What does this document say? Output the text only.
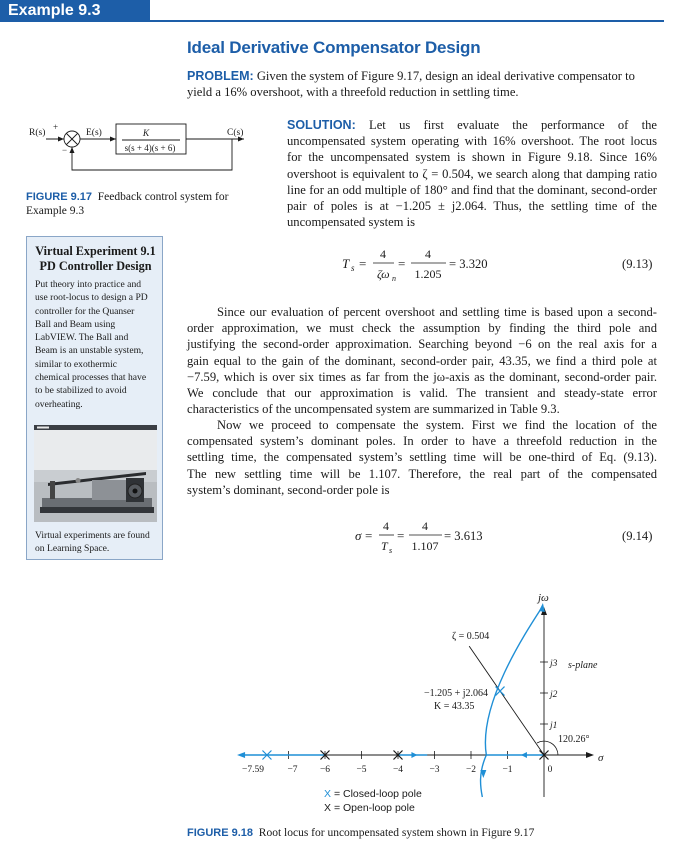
Example 9.3
Ideal Derivative Compensator Design
PROBLEM: Given the system of Figure 9.17, design an ideal derivative compensator to
yield a 16% overshoot, with a threefold reduction in settling time.
R(s)
+
−
E(s)	K
s(s + 4)(s + 6)
C(s)
FIGURE 9.17 Feedback control system for
Example 9.3
SOLUTION: Let us first evaluate the performance of the
uncompensated system operating with 16% overshoot. The root locus
for the uncompensated system is shown in Figure 9.18. Since 16%
overshoot is equivalent to ζ = 0.504, we search along that damping ratio
line for an odd multiple of 180° and find that the dominant, second-order
pair of poles is at −1.205 ± j2.064. Thus, the settling time of the
uncompensated system is
Virtual Experiment 9.1
PD Controller Design
Put theory into practice and
use root-locus to design a PD
controller for the Quanser
Ball and Beam using
LabVIEW. The Ball and
Beam is an unstable system,
similar to exothermic
chemical processes that have
to be stabilized to avoid
overheating.
Virtual experiments are found
on Learning Space.
T s =
4
ζω n
=
4
1.205
= 3.320	(9.13)
Since our evaluation of percent overshoot and settling time is based upon a second-
order approximation, we must check the assumption by finding the third pole and
justifying the second-order approximation. Searching beyond −6 on the real axis for a
gain equal to the gain of the dominant, second-order pair, 43.35, we find a third pole at
−7.59, which is over six times as far from the jω-axis as the dominant, second-order pair.
We conclude that our approximation is valid. The transient and steady-state error
characteristics of the uncompensated system are summarized in Table 9.3.
Now we proceed to compensate the system. First we find the location of the
compensated system’s dominant poles. In order to have a threefold reduction in the
settling time, the compensated system’s settling time will be one-third of Eq. (9.13).
The new settling time will be 1.107. Therefore, the real part of the compensated
system’s dominant, second-order pole is
σ =
4
T s
=
4
1.107
= 3.613	(9.14)
jω
s-plane
ζ = 0.504
−1.205 + j2.064
K = 43.35
120.26°
σ
−7.59 −7 −6	−5	−4	−3	−2	−1	0
j3
j2
j1
X = Closed-loop pole
X = Open-loop pole
FIGURE 9.18 Root locus for uncompensated system shown in Figure 9.17
